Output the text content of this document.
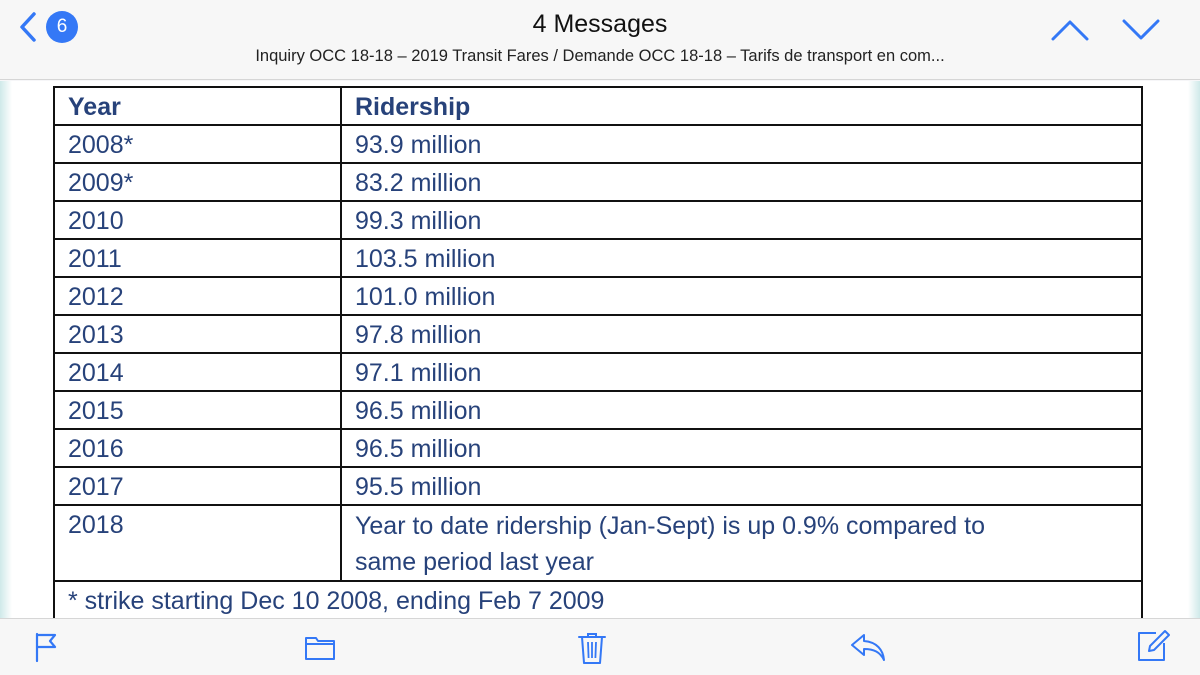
6	4 Messages
Inquiry OCC 18-18 – 2019 Transit Fares / Demande OCC 18-18 – Tarifs de transport en com...
Year	Ridership
2008*	93.9 million
2009*	83.2 million
2010	99.3 million
2011	103.5 million
2012	101.0 million
2013	97.8 million
2014	97.1 million
2015	96.5 million
2016	96.5 million
2017	95.5 million
2018	Year to date ridership (Jan-Sept) is up 0.9% compared to
same period last year

* strike starting Dec 10 2008, ending Feb 7 2009	
